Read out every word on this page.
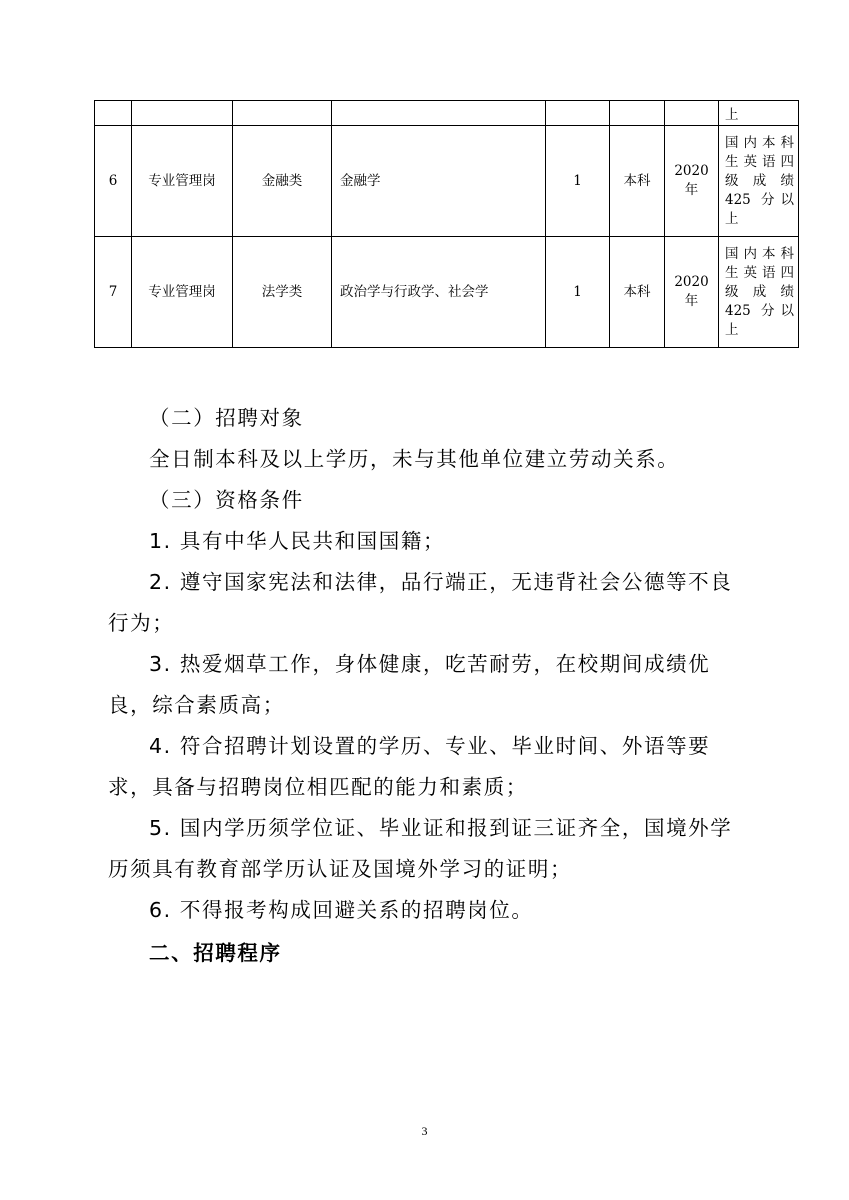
							上
6	专业管理岗	金融类	金融学	1	本科	2020年	国内本科
生英语四
级 成 绩
425 分以
上

7	专业管理岗	法学类	政治学与行政学、社会学	1	本科	2020年	国内本科
生英语四
级 成 绩
425 分以
上

（二）招聘对象

全日制本科及以上学历，未与其他单位建立劳动关系。

（三）资格条件

1. 具有中华人民共和国国籍；

2. 遵守国家宪法和法律，品行端正，无违背社会公德等不良行为；

3. 热爱烟草工作，身体健康，吃苦耐劳，在校期间成绩优良，综合素质高；

4. 符合招聘计划设置的学历、专业、毕业时间、外语等要求，具备与招聘岗位相匹配的能力和素质；

5. 国内学历须学位证、毕业证和报到证三证齐全，国境外学历须具有教育部学历认证及国境外学习的证明；

6. 不得报考构成回避关系的招聘岗位。

二、招聘程序

3
